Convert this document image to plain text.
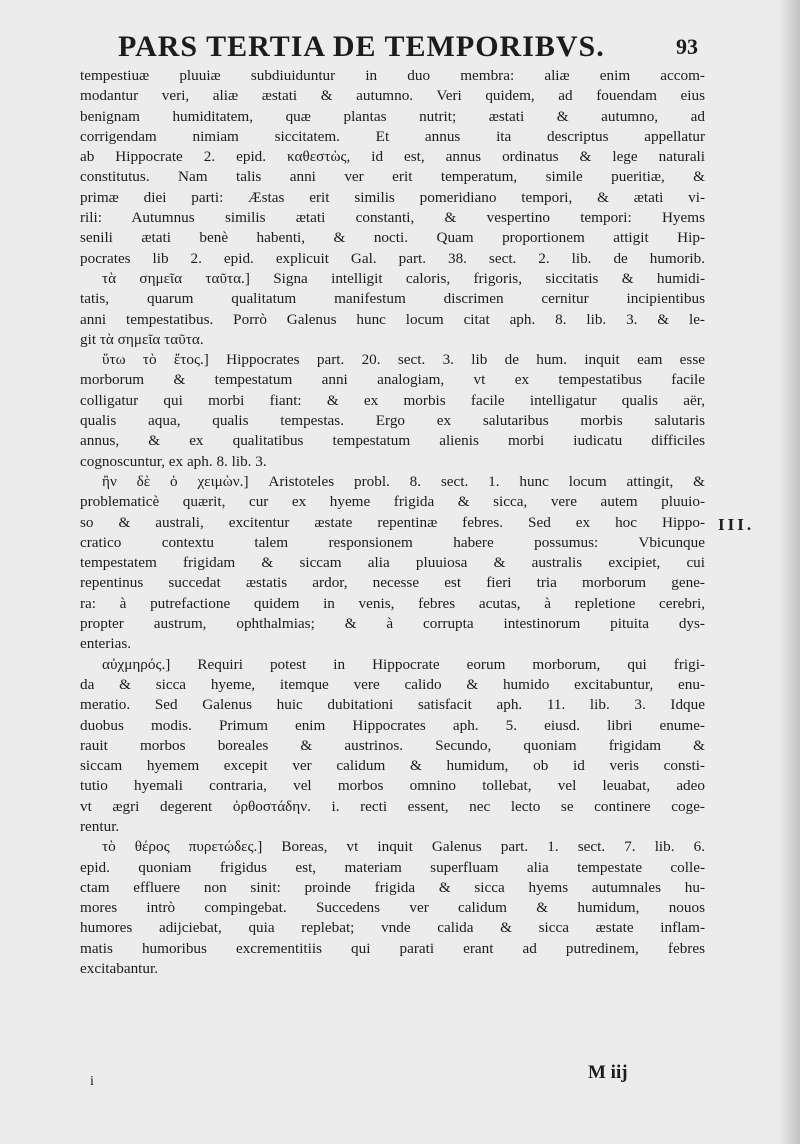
PARS TERTIA DE TEMPORIBVS.	93
tempestiuæ pluuiæ subdiuiduntur in duo membra: aliæ enim accom-
modantur veri, aliæ æstati & autumno. Veri quidem, ad fouendam eius
benignam humiditatem, quæ plantas nutrit; æstati & autumno, ad
corrigendam nimiam siccitatem. Et annus ita descriptus appellatur
ab Hippocrate 2. epid. καθεστὼς, id est, annus ordinatus & lege naturali
constitutus. Nam talis anni ver erit temperatum, simile pueritiæ, &
primæ diei parti: Æstas erit similis pomeridiano tempori, & ætati vi-
rili: Autumnus similis ætati constanti, & vespertino tempori: Hyems
senili ætati benè habenti, & nocti. Quam proportionem attigit Hip-
pocrates lib 2. epid. explicuit Gal. part. 38. sect. 2. lib. de humorib.
τὰ σημεῖα ταῦτα.] Signa intelligit caloris, frigoris, siccitatis & humidi-
tatis, quarum qualitatum manifestum discrimen cernitur incipientibus
anni tempestatibus. Porrò Galenus hunc locum citat aph. 8. lib. 3. & le-
git τὰ σημεῖα ταῦτα.
ὕτω τὸ ἔτος.] Hippocrates part. 20. sect. 3. lib de hum. inquit eam esse
morborum & tempestatum anni analogiam, vt ex tempestatibus facile
colligatur qui morbi fiant: & ex morbis facile intelligatur qualis aër,
qualis aqua, qualis tempestas. Ergo ex salutaribus morbis salutaris
annus, & ex qualitatibus tempestatum alienis morbi iudicatu difficiles
cognoscuntur, ex aph. 8. lib. 3.
ἢν δὲ ὁ χειμὼν.] Aristoteles probl. 8. sect. 1. hunc locum attingit, &
problematicè quærit, cur ex hyeme frigida & sicca, vere autem pluuio-
so & australi, excitentur æstate repentinæ febres. Sed ex hoc Hippo-
cratico contextu talem responsionem habere possumus: Vbicunque
tempestatem frigidam & siccam alia pluuiosa & australis excipiet, cui
repentinus succedat æstatis ardor, necesse est fieri tria morborum gene-
ra: à putrefactione quidem in venis, febres acutas, à repletione cerebri,
propter austrum, ophthalmias; & à corrupta intestinorum pituita dys-
enterias.
αὐχμηρός.] Requiri potest in Hippocrate eorum morborum, qui frigi-
da & sicca hyeme, itemque vere calido & humido excitabuntur, enu-
meratio. Sed Galenus huic dubitationi satisfacit aph. 11. lib. 3. Idque
duobus modis. Primum enim Hippocrates aph. 5. eiusd. libri enume-
rauit morbos boreales & austrinos. Secundo, quoniam frigidam &
siccam hyemem excepit ver calidum & humidum, ob id veris consti-
tutio hyemali contraria, vel morbos omnino tollebat, vel leuabat, adeo
vt ægri degerent ὀρθοστάδην. i. recti essent, nec lecto se continere coge-
rentur.
τὸ θέρος πυρετώδες.] Boreas, vt inquit Galenus part. 1. sect. 7. lib. 6.
epid. quoniam frigidus est, materiam superfluam alia tempestate colle-
ctam effluere non sinit: proinde frigida & sicca hyems autumnales hu-
mores intrò compingebat. Succedens ver calidum & humidum, nouos
humores adijciebat, quia replebat; vnde calida & sicca æstate inflam-
matis humoribus excrementitiis qui parati erant ad putredinem, febres
excitabantur.
III.
i	M iij
